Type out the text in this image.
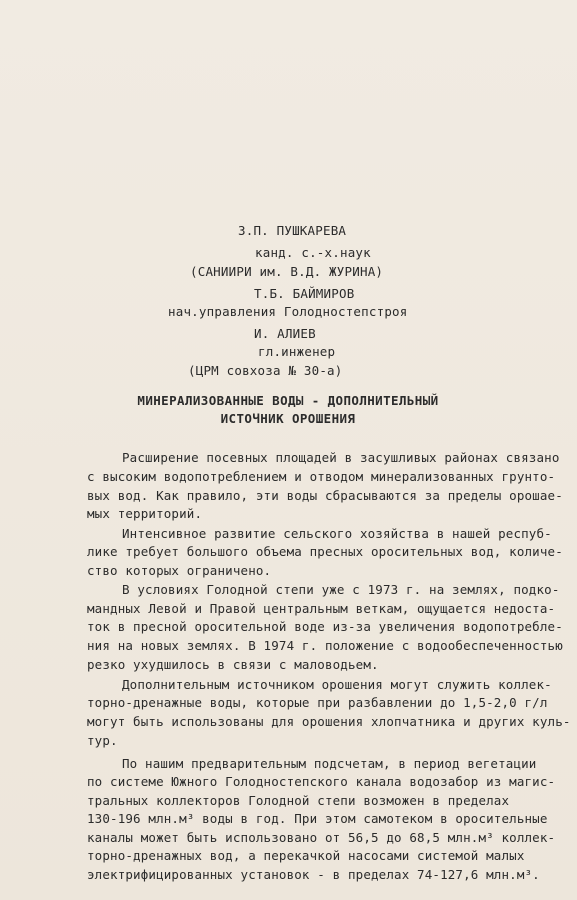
З.П. ПУШКАРЕВА
канд. с.-х.наук
(САНИИРИ им. В.Д. ЖУРИНА)
Т.Б. БАЙМИРОВ
нач.управления Голодностепстроя
И. АЛИЕВ
гл.инженер
(ЦРМ совхоза № 30-а)
МИНЕРАЛИЗОВАННЫЕ ВОДЫ - ДОПОЛНИТЕЛЬНЫЙ
ИСТОЧНИК ОРОШЕНИЯ
Расширение посевных площадей в засушливых районах связано
с высоким водопотреблением и отводом минерализованных грунто-
вых вод. Как правило, эти воды сбрасываются за пределы орошае-
мых территорий.
Интенсивное развитие сельского хозяйства в нашей респуб-
лике требует большого объема пресных оросительных вод, количе-
ство которых ограничено.
В условиях Голодной степи уже с 1973 г. на землях, подко-
мандных Левой и Правой центральным веткам, ощущается недоста-
ток в пресной оросительной воде из-за увеличения водопотребле-
ния на новых землях. В 1974 г. положение с водообеспеченностью
резко ухудшилось в связи с маловодьем.
Дополнительным источником орошения могут служить коллек-
торно-дренажные воды, которые при разбавлении до 1,5-2,0 г/л
могут быть использованы для орошения хлопчатника и других куль-
тур.
По нашим предварительным подсчетам, в период вегетации
по системе Южного Голодностепского канала водозабор из магис-
тральных коллекторов Голодной степи возможен в пределах
130-196 млн.м³ воды в год. При этом самотеком в оросительные
каналы может быть использовано от 56,5 до 68,5 млн.м³ коллек-
торно-дренажных вод, а перекачкой насосами системой малых
электрифицированных установок - в пределах 74-127,6 млн.м³.
